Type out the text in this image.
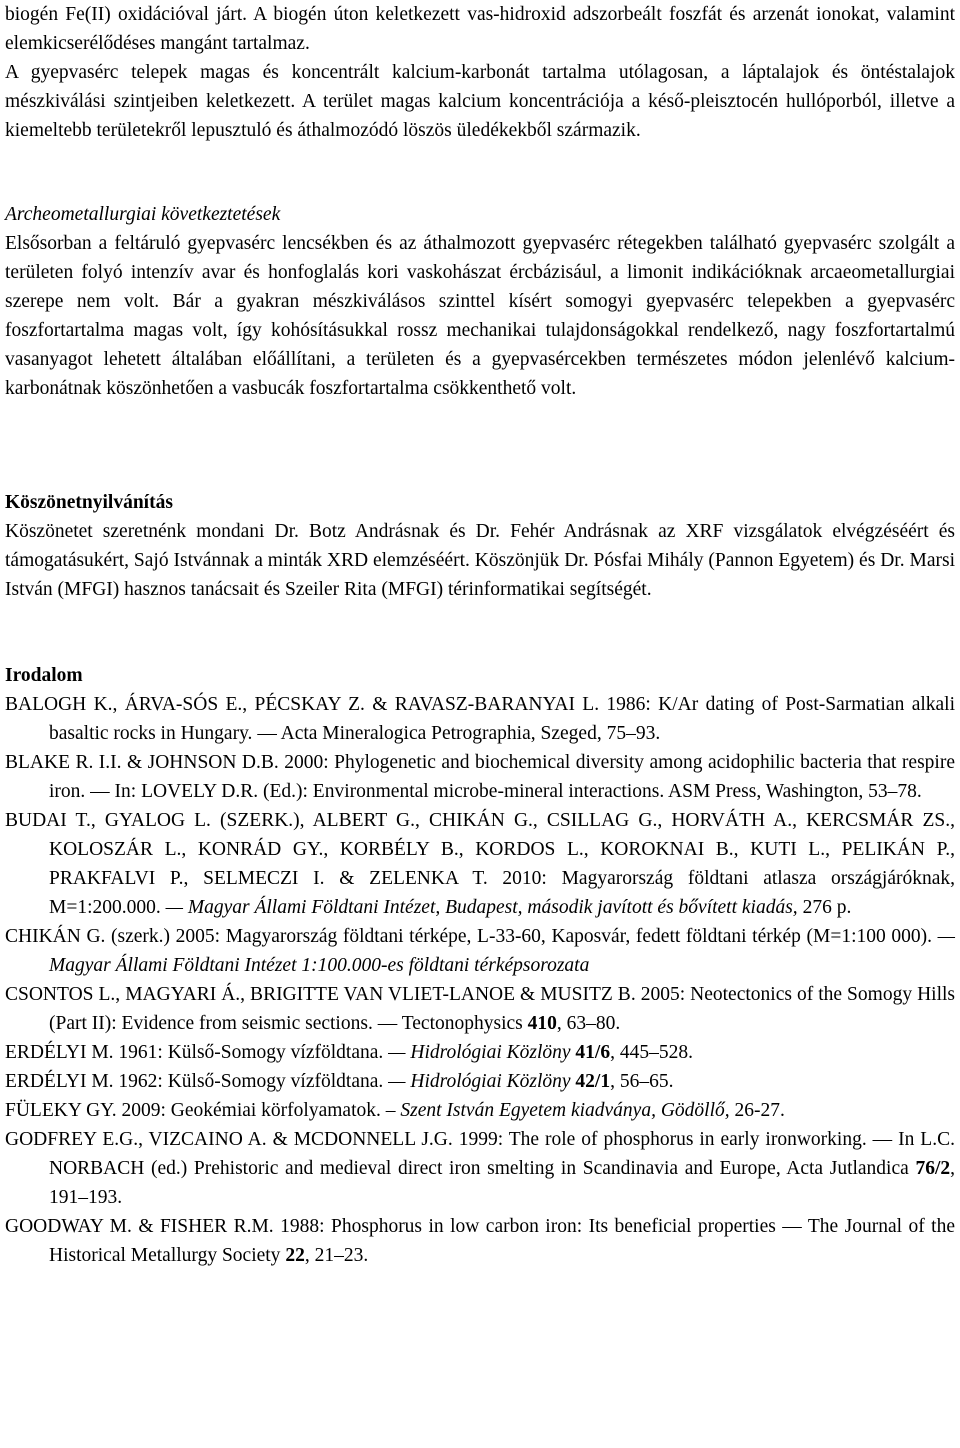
biogén Fe(II) oxidációval járt. A biogén úton keletkezett vas-hidroxid adszorbeált foszfát és arzenát ionokat, valamint elemkicserélődéses mangánt tartalmaz.

A gyepvasérc telepek magas és koncentrált kalcium-karbonát tartalma utólagosan, a láptalajok és öntéstalajok mészkiválási szintjeiben keletkezett. A terület magas kalcium koncentrációja a késő-pleisztocén hullóporból, illetve a kiemeltebb területekről lepusztuló és áthalmozódó löszös üledékekből származik.

Archeometallurgiai következtetések

Elsősorban a feltáruló gyepvasérc lencsékben és az áthalmozott gyepvasérc rétegekben található gyepvasérc szolgált a területen folyó intenzív avar és honfoglalás kori vaskohászat ércbázisául, a limonit indikációknak arcaeometallurgiai szerepe nem volt. Bár a gyakran mészkiválásos szinttel kísért somogyi gyepvasérc telepekben a gyepvasérc foszfortartalma magas volt, így kohósításukkal rossz mechanikai tulajdonságokkal rendelkező, nagy foszfortartalmú vasanyagot lehetett általában előállítani, a területen és a gyepvasércekben természetes módon jelenlévő kalcium-karbonátnak köszönhetően a vasbucák foszfortartalma csökkenthető volt.

Köszönetnyilvánítás

Köszönetet szeretnénk mondani Dr. Botz Andrásnak és Dr. Fehér Andrásnak az XRF vizsgálatok elvégzéséért és támogatásukért, Sajó Istvánnak a minták XRD elemzéséért. Köszönjük Dr. Pósfai Mihály (Pannon Egyetem) és Dr. Marsi István (MFGI) hasznos tanácsait és Szeiler Rita (MFGI) térinformatikai segítségét.

Irodalom

BALOGH K., ÁRVA-SÓS E., PÉCSKAY Z. & RAVASZ-BARANYAI L. 1986: K/Ar dating of Post-Sarmatian alkali basaltic rocks in Hungary. — Acta Mineralogica Petrographia, Szeged, 75–93.

BLAKE R. I.I. & JOHNSON D.B. 2000: Phylogenetic and biochemical diversity among acidophilic bacteria that respire iron. — In: LOVELY D.R. (Ed.): Environmental microbe-mineral interactions. ASM Press, Washington, 53–78.

BUDAI T., GYALOG L. (SZERK.), ALBERT G., CHIKÁN G., CSILLAG G., HORVÁTH A., KERCSMÁR ZS., KOLOSZÁR L., KONRÁD GY., KORBÉLY B., KORDOS L., KOROKNAI B., KUTI L., PELIKÁN P., PRAKFALVI P., SELMECZI I. & ZELENKA T. 2010: Magyarország földtani atlasza országjáróknak, M=1:200.000. — Magyar Állami Földtani Intézet, Budapest, második javított és bővített kiadás, 276 p.

CHIKÁN G. (szerk.) 2005: Magyarország földtani térképe, L-33-60, Kaposvár, fedett földtani térkép (M=1:100 000). — Magyar Állami Földtani Intézet 1:100.000-es földtani térképsorozata

CSONTOS L., MAGYARI Á., BRIGITTE VAN VLIET-LANOE & MUSITZ B. 2005: Neotectonics of the Somogy Hills (Part II): Evidence from seismic sections. — Tectonophysics 410, 63–80.

ERDÉLYI M. 1961: Külső-Somogy vízföldtana. — Hidrológiai Közlöny 41/6, 445–528.

ERDÉLYI M. 1962: Külső-Somogy vízföldtana. — Hidrológiai Közlöny 42/1, 56–65.

FÜLEKY GY. 2009: Geokémiai körfolyamatok. – Szent István Egyetem kiadványa, Gödöllő, 26-27.

GODFREY E.G., VIZCAINO A. & MCDONNELL J.G. 1999: The role of phosphorus in early ironworking. — In L.C. NORBACH (ed.) Prehistoric and medieval direct iron smelting in Scandinavia and Europe, Acta Jutlandica 76/2, 191–193.

GOODWAY M. & FISHER R.M. 1988: Phosphorus in low carbon iron: Its beneficial properties — The Journal of the Historical Metallurgy Society 22, 21–23.
